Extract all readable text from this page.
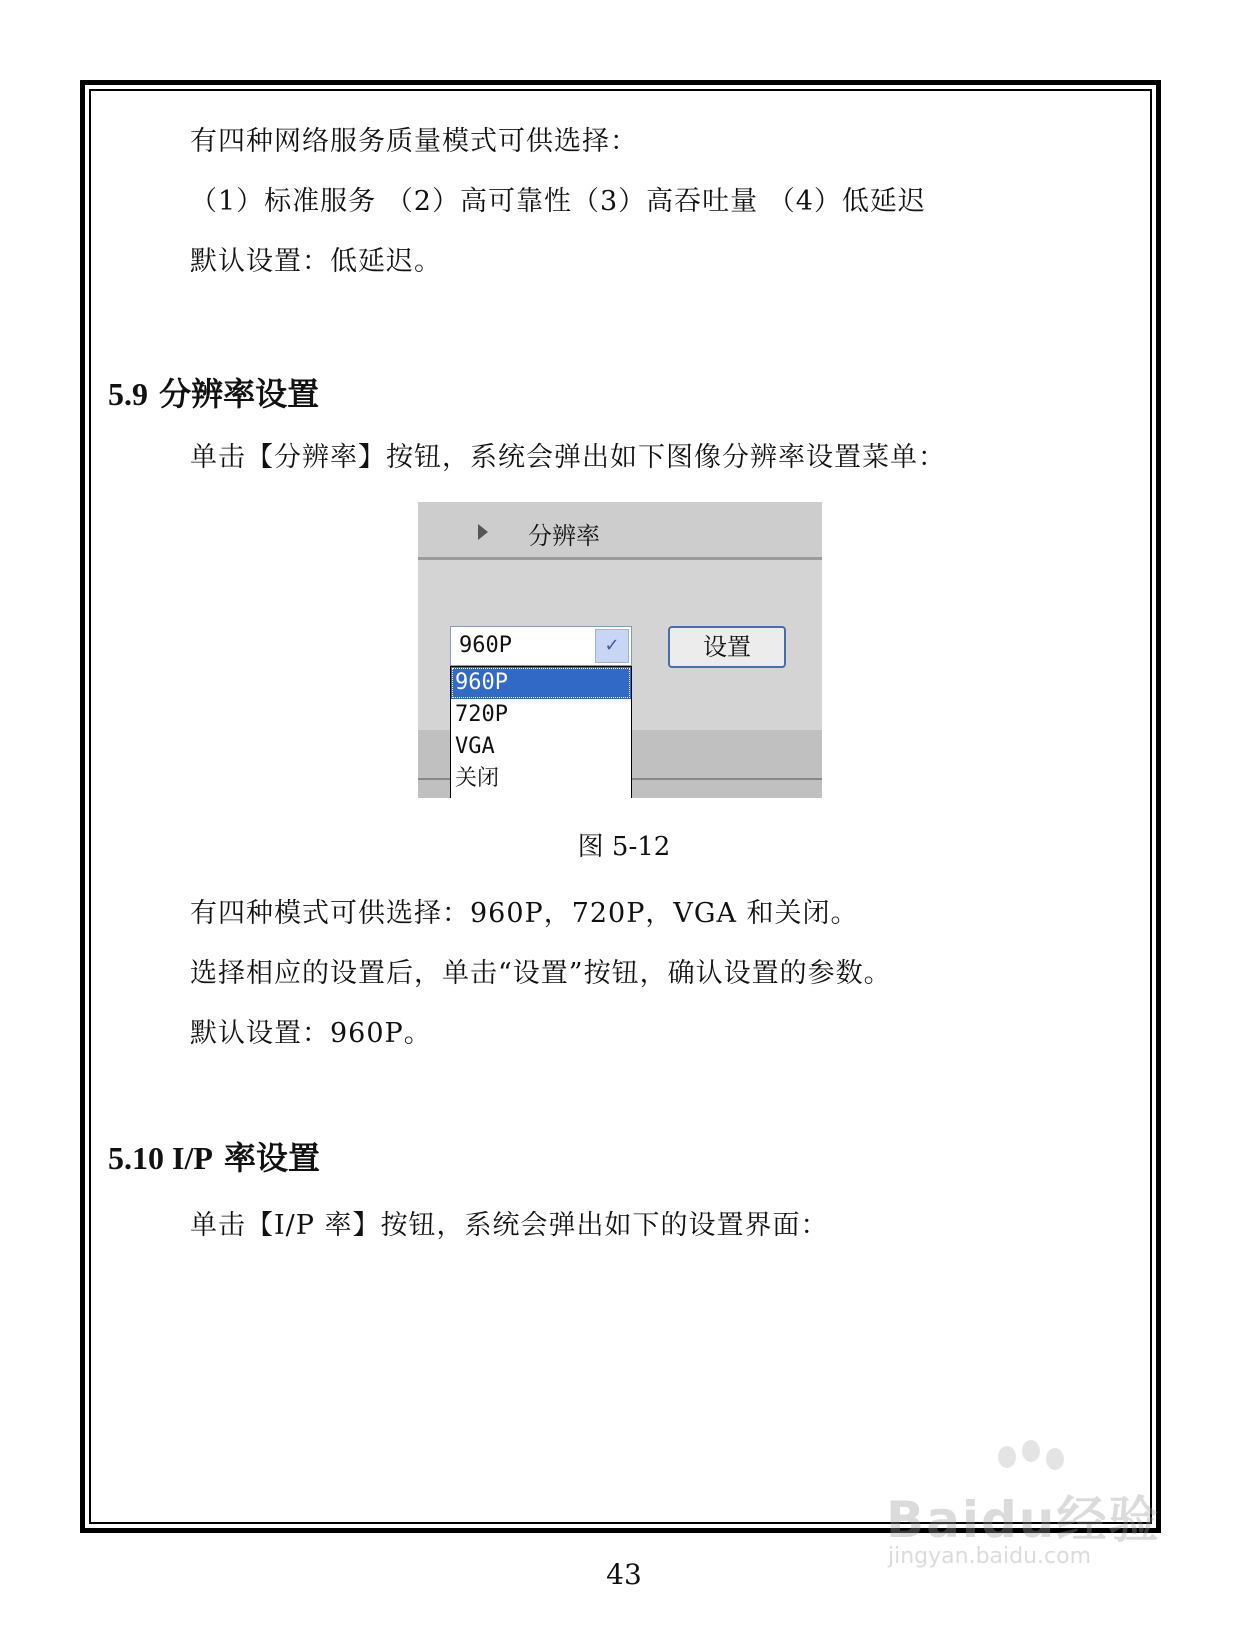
有四种网络服务质量模式可供选择：
（1）标准服务 （2）高可靠性（3）高吞吐量 （4）低延迟
默认设置：低延迟。
5.9 分辨率设置
单击【分辨率】按钮，系统会弹出如下图像分辨率设置菜单：
分辨率
960P	✓	设置
960P
720P
VGA
关闭
图 5-12
有四种模式可供选择：960P，720P，VGA 和关闭。
选择相应的设置后，单击“设置”按钮，确认设置的参数。
默认设置：960P。
5.10 I/P 率设置
单击【I/P 率】按钮，系统会弹出如下的设置界面：
43
Baidu经验
jingyan.baidu.com
